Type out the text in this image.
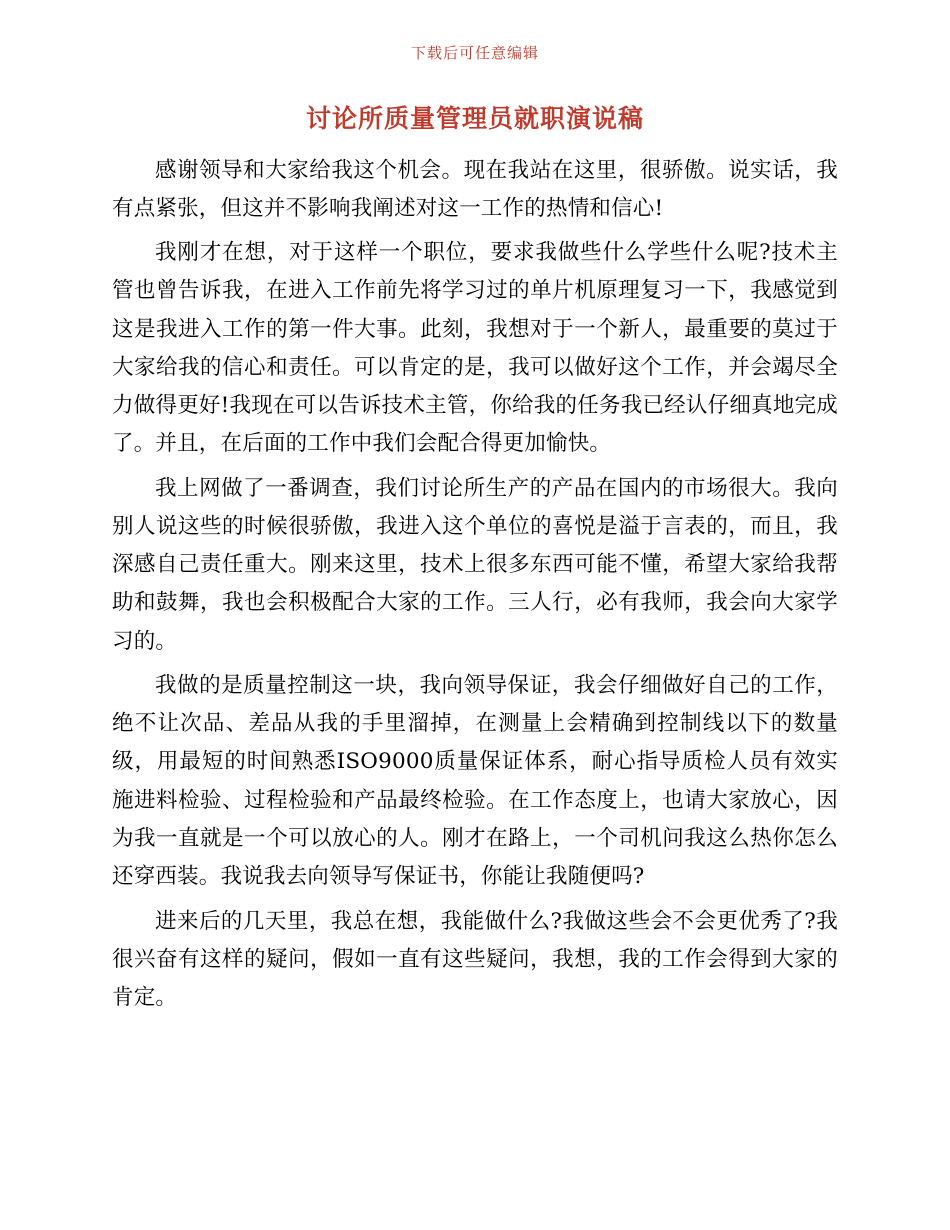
下载后可任意编辑
讨论所质量管理员就职演说稿

感谢领导和大家给我这个机会。现在我站在这里，很骄傲。说实话，我有点紧张，但这并不影响我阐述对这一工作的热情和信心!

我刚才在想，对于这样一个职位，要求我做些什么学些什么呢?技术主管也曾告诉我，在进入工作前先将学习过的单片机原理复习一下，我感觉到这是我进入工作的第一件大事。此刻，我想对于一个新人，最重要的莫过于大家给我的信心和责任。可以肯定的是，我可以做好这个工作，并会竭尽全力做得更好!我现在可以告诉技术主管，你给我的任务我已经认仔细真地完成了。并且，在后面的工作中我们会配合得更加愉快。

我上网做了一番调查，我们讨论所生产的产品在国内的市场很大。我向别人说这些的时候很骄傲，我进入这个单位的喜悦是溢于言表的，而且，我深感自己责任重大。刚来这里，技术上很多东西可能不懂，希望大家给我帮助和鼓舞，我也会积极配合大家的工作。三人行，必有我师，我会向大家学习的。

我做的是质量控制这一块，我向领导保证，我会仔细做好自己的工作，绝不让次品、差品从我的手里溜掉，在测量上会精确到控制线以下的数量级，用最短的时间熟悉ISO9000质量保证体系，耐心指导质检人员有效实施进料检验、过程检验和产品最终检验。在工作态度上，也请大家放心，因为我一直就是一个可以放心的人。刚才在路上，一个司机问我这么热你怎么还穿西装。我说我去向领导写保证书，你能让我随便吗?

进来后的几天里，我总在想，我能做什么?我做这些会不会更优秀了?我很兴奋有这样的疑问，假如一直有这些疑问，我想，我的工作会得到大家的肯定。
